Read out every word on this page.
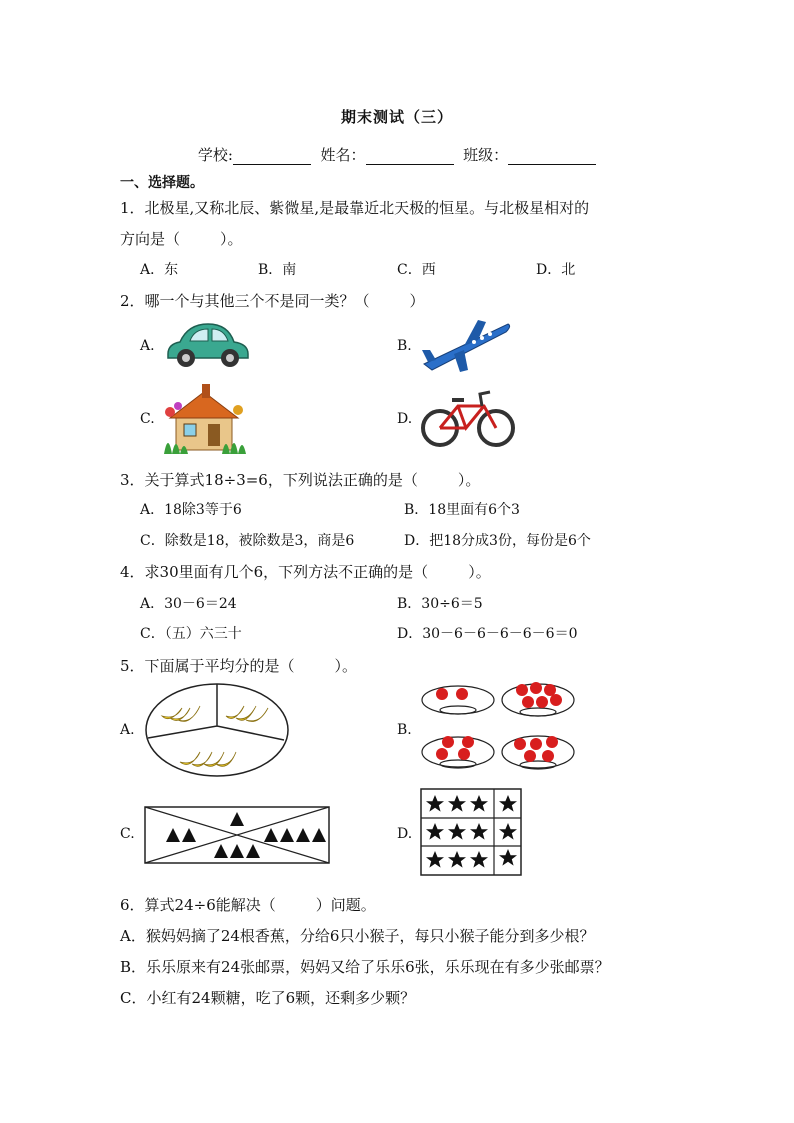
期末测试（三）
学校:	姓名：	班级：
一、选择题。
1．北极星,又称北辰、紫微星,是最靠近北天极的恒星。与北极星相对的
方向是（	）。
A．东	B．南	C．西	D．北
2．哪一个与其他三个不是同一类？（	）
A.	B.
C.	D.
3．关于算式18÷3=6，下列说法正确的是（	）。
A．18除3等于6	B．18里面有6个3
C．除数是18，被除数是3，商是6	D．把18分成3份，每份是6个
4．求30里面有几个6，下列方法不正确的是（	）。
A．30－6＝24	B．30÷6＝5
C．（五）六三十	D．30－6－6－6－6－6＝0
5．下面属于平均分的是（	）。
A.	B.
C.	D.
6．算式24÷6能解决（	）问题。
A．猴妈妈摘了24根香蕉，分给6只小猴子，每只小猴子能分到多少根？
B．乐乐原来有24张邮票，妈妈又给了乐乐6张，乐乐现在有多少张邮票？
C．小红有24颗糖，吃了6颗，还剩多少颗？
